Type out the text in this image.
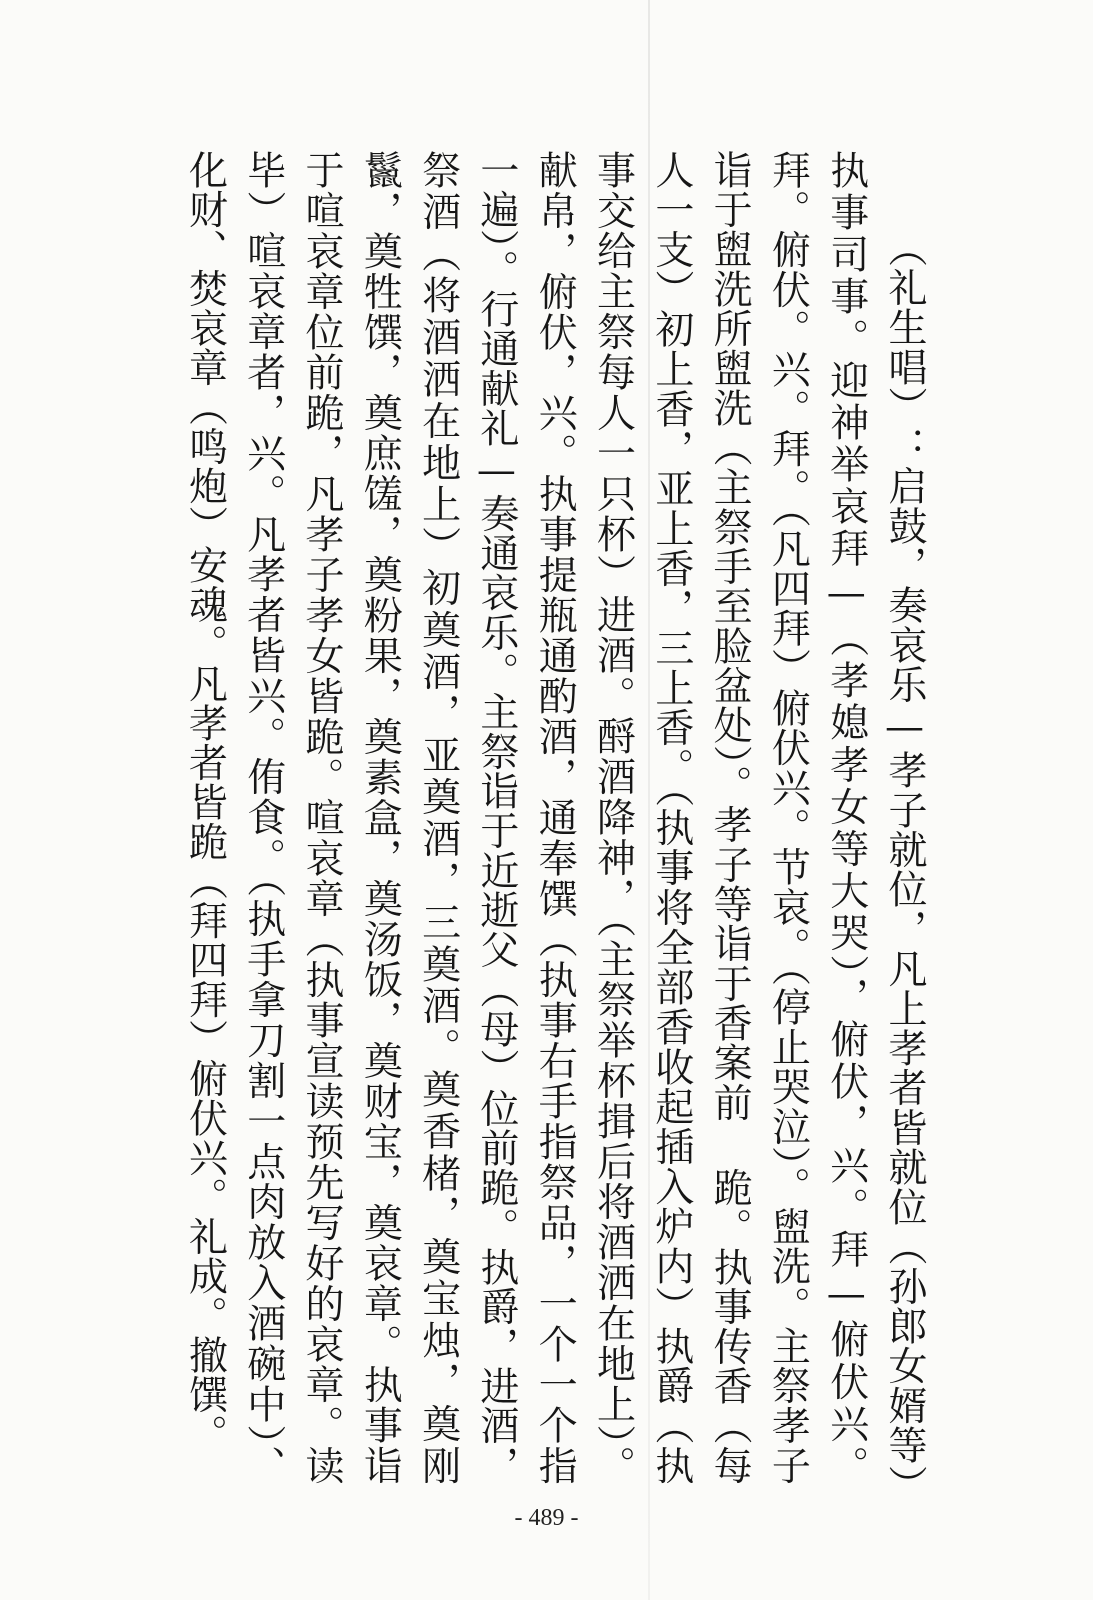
（礼生唱）：启鼓，奏哀乐—孝子就位，凡上孝者皆就位（孙郎女婿等）执事司事。迎神举哀拜—（孝媳孝女等大哭），俯伏，兴。拜—俯伏兴。拜。俯伏。兴。拜。（凡四拜）俯伏兴。节哀。（停止哭泣）。盥洗。主祭孝子诣于盥洗所盥洗（主祭手至脸盆处）。孝子等诣于香案前 跪。执事传香（每人一支）初上香，亚上香，三上香。（执事将全部香收起插入炉内）执爵（执事交给主祭每人一只杯）进酒。酹酒降神，（主祭举杯揖后将酒洒在地上）。献帛，俯伏，兴。执事提瓶通酌酒，通奉馔（执事右手指祭品，一个一个指一遍）。行通献礼—奏通哀乐。主祭诣于近逝父（母）位前跪。执爵，进酒，祭酒（将酒洒在地上）初奠酒，亚奠酒，三奠酒。奠香楮，奠宝烛，奠刚鬣，奠牲馔，奠庶馐，奠粉果，奠素盒，奠汤饭，奠财宝，奠哀章。执事诣于喧哀章位前跪，凡孝子孝女皆跪。喧哀章（执事宣读预先写好的哀章。读毕）喧哀章者，兴。凡孝者皆兴。侑食。（执手拿刀割一点肉放入酒碗中）、化财、焚哀章（鸣炮）安魂。凡孝者皆跪（拜四拜）俯伏兴。礼成。撤馔。

- 489 -
